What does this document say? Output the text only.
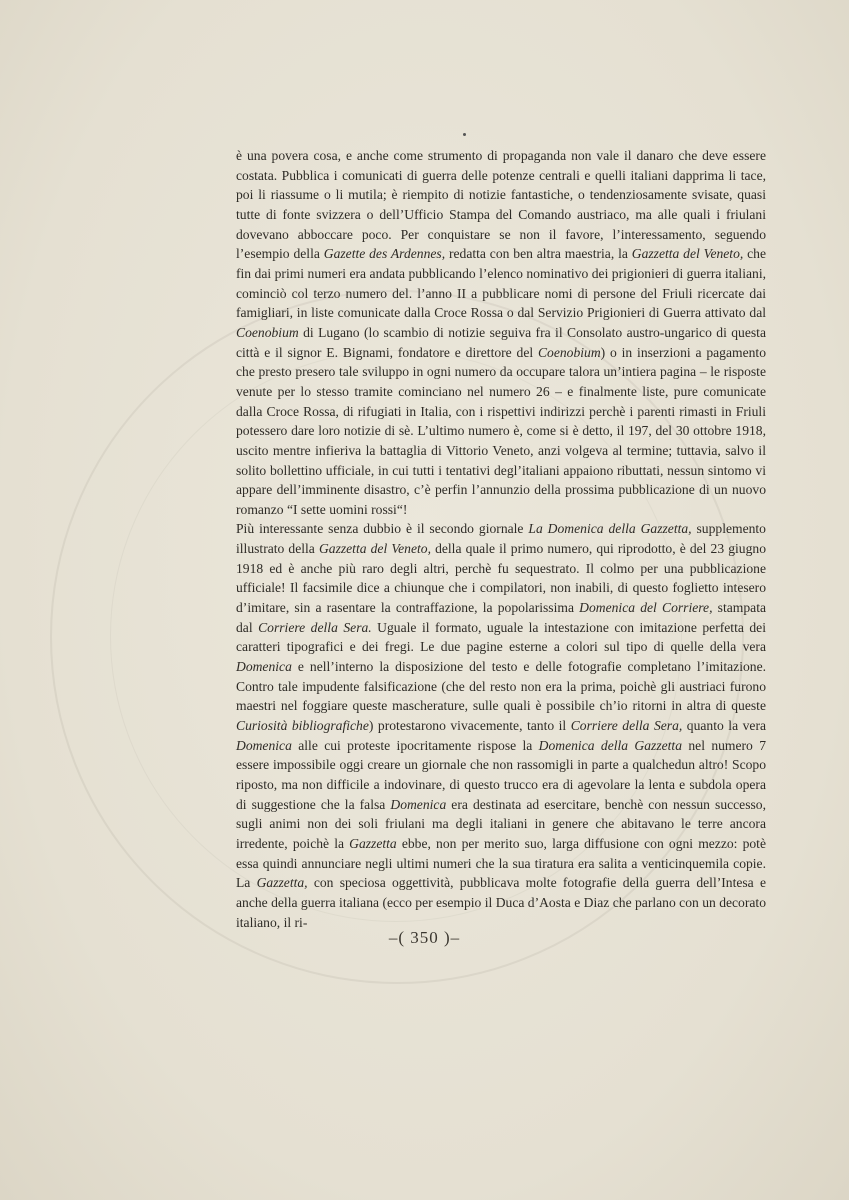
è una povera cosa, e anche come strumento di propaganda non vale il danaro che deve essere costata. Pubblica i comunicati di guerra delle potenze centrali e quelli italiani dapprima li tace, poi li riassume o li mutila; è riempito di notizie fantastiche, o tendenziosamente svisate, quasi tutte di fonte svizzera o dell’Ufficio Stampa del Comando austriaco, ma alle quali i friulani dovevano abboccare poco. Per conquistare se non il favore, l’interessamento, seguendo l’esempio della Gazette des Ardennes, redatta con ben altra maestria, la Gazzetta del Veneto, che fin dai primi numeri era andata pubblicando l’elenco nominativo dei prigionieri di guerra italiani, cominciò col terzo numero del. l’anno II a pubblicare nomi di persone del Friuli ricercate dai famigliari, in liste comunicate dalla Croce Rossa o dal Servizio Prigionieri di Guerra attivato dal Coenobium di Lugano (lo scambio di notizie seguiva fra il Consolato austro-ungarico di questa città e il signor E. Bignami, fondatore e direttore del Coenobium) o in inserzioni a pagamento che presto presero tale sviluppo in ogni numero da occupare talora un’intiera pagina – le risposte venute per lo stesso tramite cominciano nel numero 26 – e finalmente liste, pure comunicate dalla Croce Rossa, di rifugiati in Italia, con i rispettivi indirizzi perchè i parenti rimasti in Friuli potessero dare loro notizie di sè. L’ultimo numero è, come si è detto, il 197, del 30 ottobre 1918, uscito mentre infieriva la battaglia di Vittorio Veneto, anzi volgeva al termine; tuttavia, salvo il solito bollettino ufficiale, in cui tutti i tentativi degl’italiani appaiono ributtati, nessun sintomo vi appare dell’imminente disastro, c’è perfin l’annunzio della prossima pubblicazione di un nuovo romanzo “I sette uomini rossi“!

Più interessante senza dubbio è il secondo giornale La Domenica della Gazzetta, supplemento illustrato della Gazzetta del Veneto, della quale il primo numero, qui riprodotto, è del 23 giugno 1918 ed è anche più raro degli altri, perchè fu sequestrato. Il colmo per una pubblicazione ufficiale! Il facsimile dice a chiunque che i compilatori, non inabili, di questo foglietto intesero d’imitare, sin a rasentare la contraffazione, la popolarissima Domenica del Corriere, stampata dal Corriere della Sera. Uguale il formato, uguale la intestazione con imitazione perfetta dei caratteri tipografici e dei fregi. Le due pagine esterne a colori sul tipo di quelle della vera Domenica e nell’interno la disposizione del testo e delle fotografie completano l’imitazione. Contro tale impudente falsificazione (che del resto non era la prima, poichè gli austriaci furono maestri nel foggiare queste mascherature, sulle quali è possibile ch’io ritorni in altra di queste Curiosità bibliografiche) protestarono vivacemente, tanto il Corriere della Sera, quanto la vera Domenica alle cui proteste ipocritamente rispose la Domenica della Gazzetta nel numero 7 essere impossibile oggi creare un giornale che non rassomigli in parte a qualchedun altro! Scopo riposto, ma non difficile a indovinare, di questo trucco era di agevolare la lenta e subdola opera di suggestione che la falsa Domenica era destinata ad esercitare, benchè con nessun successo, sugli animi non dei soli friulani ma degli italiani in genere che abitavano le terre ancora irredente, poichè la Gazzetta ebbe, non per merito suo, larga diffusione con ogni mezzo: potè essa quindi annunciare negli ultimi numeri che la sua tiratura era salita a venticinquemila copie. La Gazzetta, con speciosa oggettività, pubblicava molte fotografie della guerra dell’Intesa e anche della guerra italiana (ecco per esempio il Duca d’Aosta e Diaz che parlano con un decorato italiano, il ri-

–( 350 )–
